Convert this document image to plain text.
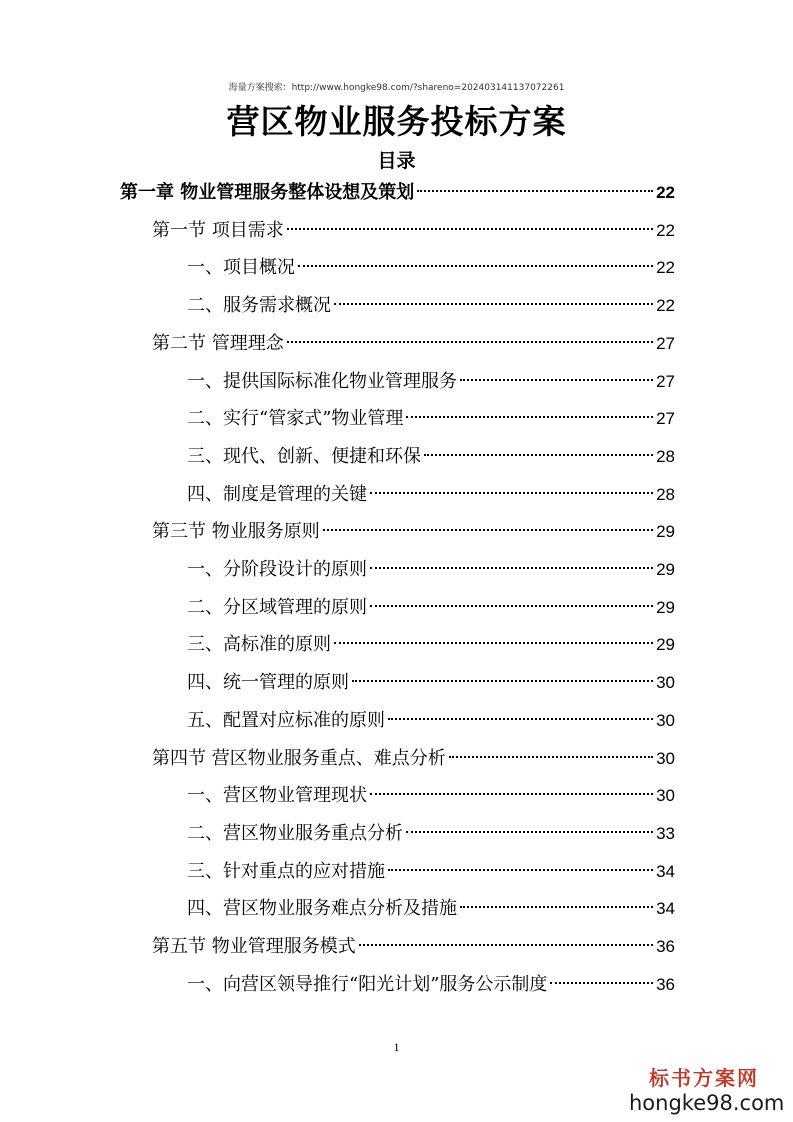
海量方案搜索：http://www.hongke98.com/?shareno=20240314113707​2261
营区物业服务投标方案
目录
第一章 物业管理服务整体设想及策划	22
第一节 项目需求	22
一、项目概况	22
二、服务需求概况	22
第二节 管理理念	27
一、提供国际标准化物业管理服务	27
二、实行“管家式”物业管理	27
三、现代、创新、便捷和环保	28
四、制度是管理的关键	28
第三节 物业服务原则	29
一、分阶段设计的原则	29
二、分区域管理的原则	29
三、高标准的原则	29
四、统一管理的原则	30
五、配置对应标准的原则	30
第四节 营区物业服务重点、难点分析	30
一、营区物业管理现状	30
二、营区物业服务重点分析	33
三、针对重点的应对措施	34
四、营区物业服务难点分析及措施	34
第五节 物业管理服务模式	36
一、向营区领导推行“阳光计划”服务公示制度	36
1
标书方案网
hongke98.com
